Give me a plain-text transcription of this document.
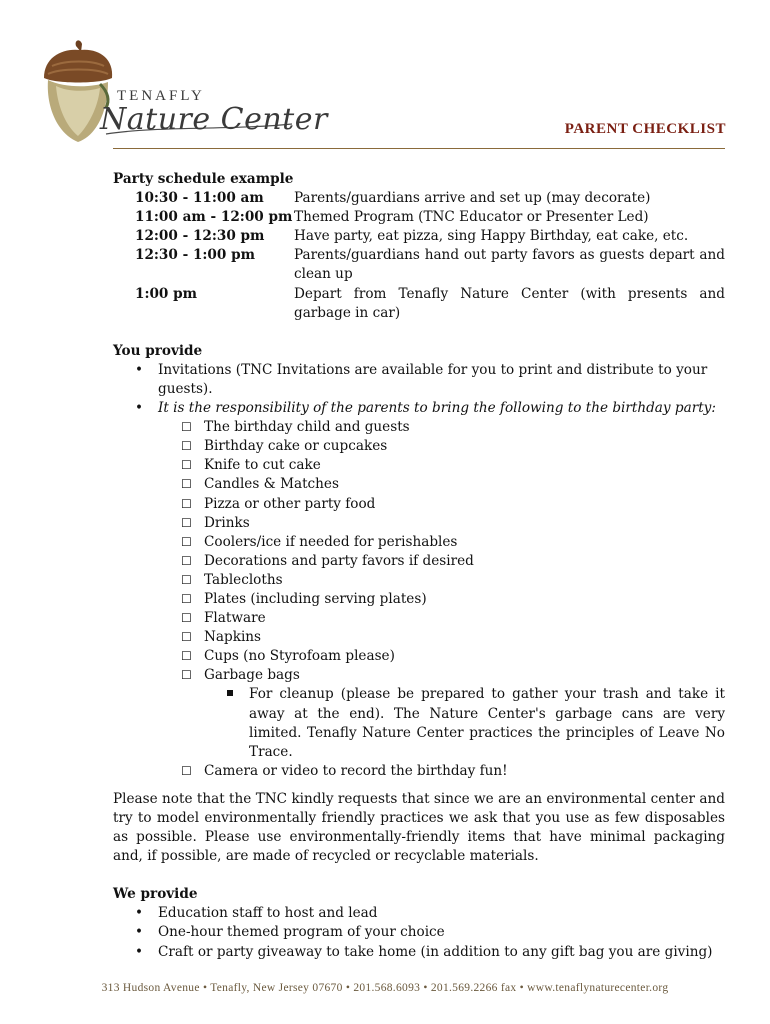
TENAFLY
Nature Center	PARENT CHECKLIST
Party schedule example
10:30 - 11:00 am	Parents/guardians arrive and set up (may decorate)
11:00 am - 12:00 pm Themed Program (TNC Educator or Presenter Led)
12:00 - 12:30 pm	Have party, eat pizza, sing Happy Birthday, eat cake, etc.
12:30 - 1:00 pm	Parents/guardians hand out party favors as guests depart and clean up
1:00 pm	Depart from Tenafly Nature Center (with presents and garbage in car)
You provide
• Invitations (TNC Invitations are available for you to print and distribute to your guests).
• It is the responsibility of the parents to bring the following to the birthday party:
☐ The birthday child and guests
☐ Birthday cake or cupcakes
☐ Knife to cut cake
☐ Candles & Matches
☐ Pizza or other party food
☐ Drinks
☐ Coolers/ice if needed for perishables
☐ Decorations and party favors if desired
☐ Tablecloths
☐ Plates (including serving plates)
☐ Flatware
☐ Napkins
☐ Cups (no Styrofoam please)
☐ Garbage bags
For cleanup (please be prepared to gather your trash and take it away at the end). The Nature Center's garbage cans are very limited. Tenafly Nature Center practices the principles of Leave No Trace.
☐ Camera or video to record the birthday fun!
Please note that the TNC kindly requests that since we are an environmental center and try to model environmentally friendly practices we ask that you use as few disposables as possible. Please use environmentally-friendly items that have minimal packaging and, if possible, are made of recycled or recyclable materials.
We provide
• Education staff to host and lead
• One-hour themed program of your choice
• Craft or party giveaway to take home (in addition to any gift bag you are giving)
313 Hudson Avenue • Tenafly, New Jersey 07670 • 201.568.6093 • 201.569.2266 fax • www.tenaflynaturecenter.org
